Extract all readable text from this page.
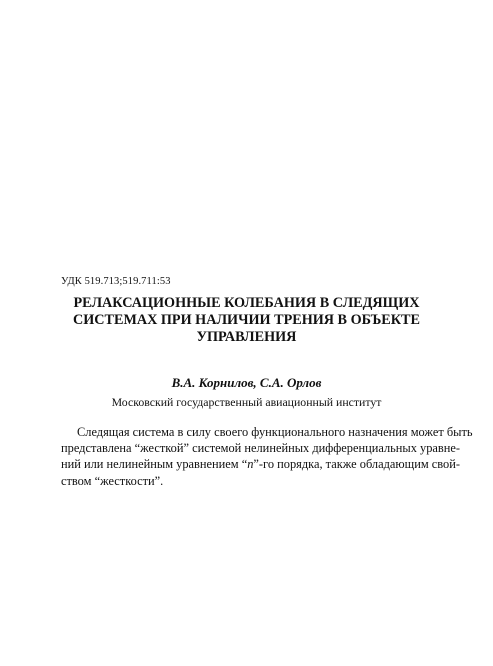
УДК 519.713;519.711:53
РЕЛАКСАЦИОННЫЕ КОЛЕБАНИЯ В СЛЕДЯЩИХ
СИСТЕМАХ ПРИ НАЛИЧИИ ТРЕНИЯ В ОБЪЕКТЕ
УПРАВЛЕНИЯ
В.А. Корнилов, С.А. Орлов
Московский государственный авиационный институт
Следящая система в силу своего функционального назначения может быть
представлена “жесткой” системой нелинейных дифференциальных уравне-
ний или нелинейным уравнением “n”-го порядка, также обладающим свой-
ством “жесткости”.
